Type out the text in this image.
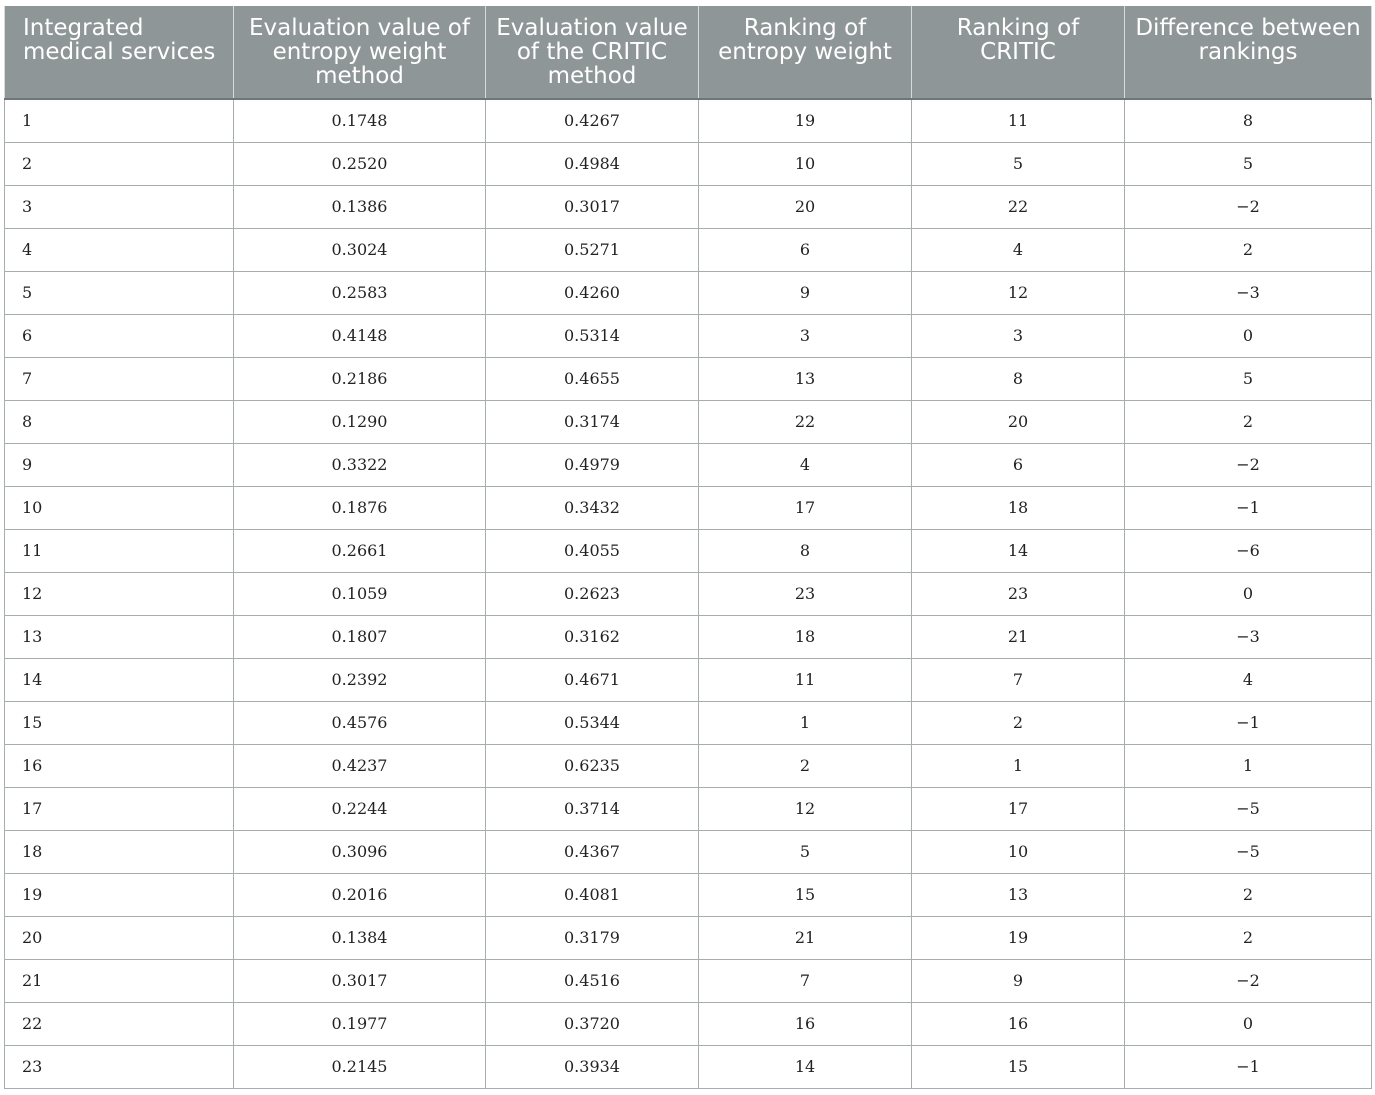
Integrated medical services	Evaluation value of entropy weight method	Evaluation value of the CRITIC method	Ranking of entropy weight	Ranking of CRITIC	Difference between rankings
1	0.1748	0.4267	19	11	8
2	0.2520	0.4984	10	5	5
3	0.1386	0.3017	20	22	−2
4	0.3024	0.5271	6	4	2
5	0.2583	0.4260	9	12	−3
6	0.4148	0.5314	3	3	0
7	0.2186	0.4655	13	8	5
8	0.1290	0.3174	22	20	2
9	0.3322	0.4979	4	6	−2
10	0.1876	0.3432	17	18	−1
11	0.2661	0.4055	8	14	−6
12	0.1059	0.2623	23	23	0
13	0.1807	0.3162	18	21	−3
14	0.2392	0.4671	11	7	4
15	0.4576	0.5344	1	2	−1
16	0.4237	0.6235	2	1	1
17	0.2244	0.3714	12	17	−5
18	0.3096	0.4367	5	10	−5
19	0.2016	0.4081	15	13	2
20	0.1384	0.3179	21	19	2
21	0.3017	0.4516	7	9	−2
22	0.1977	0.3720	16	16	0
23	0.2145	0.3934	14	15	−1
